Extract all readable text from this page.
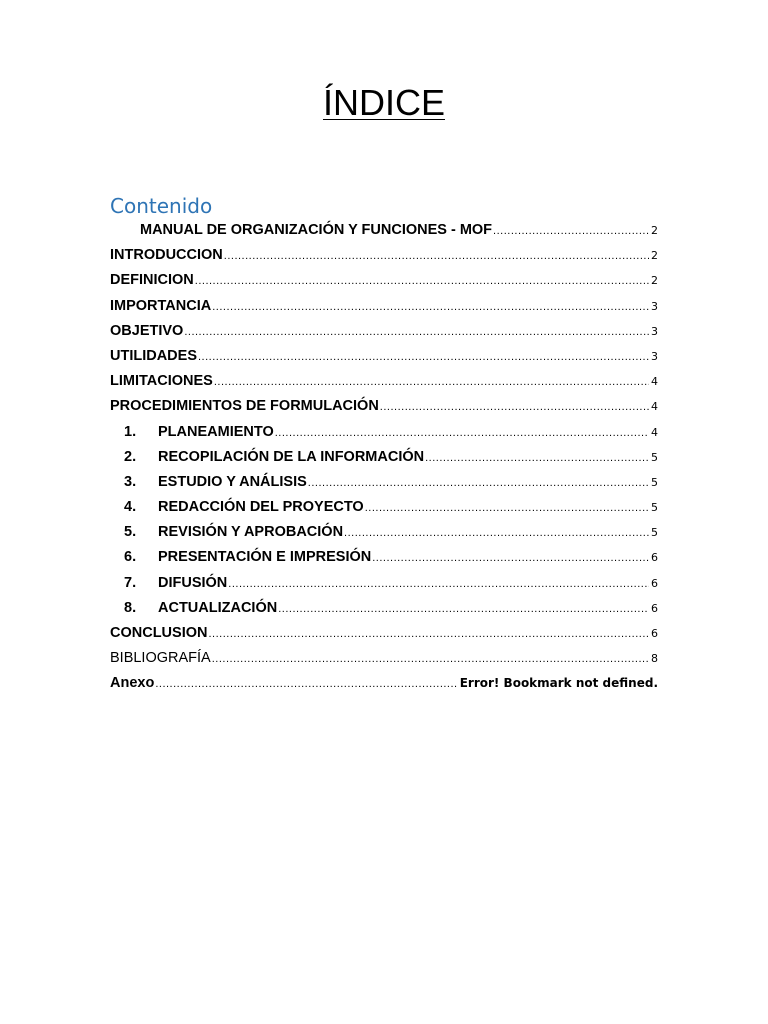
ÍNDICE
Contenido
MANUAL DE ORGANIZACIÓN Y FUNCIONES - MOF .....	2
INTRODUCCION .....	2
DEFINICION .....	2
IMPORTANCIA .....	3
OBJETIVO .....	3
UTILIDADES .....	3
LIMITACIONES .....	4
PROCEDIMIENTOS DE FORMULACIÓN .....	4
1.	PLANEAMIENTO .....	4
2.	RECOPILACIÓN DE LA INFORMACIÓN .....	5
3.	ESTUDIO Y ANÁLISIS .....	5
4.	REDACCIÓN DEL PROYECTO .....	5
5.	REVISIÓN Y APROBACIÓN .....	5
6.	PRESENTACIÓN E IMPRESIÓN .....	6
7.	DIFUSIÓN .....	6
8.	ACTUALIZACIÓN .....	6
CONCLUSION .....	6
BIBLIOGRAFÍA .....	8
Anexo .....	Error! Bookmark not defined.
